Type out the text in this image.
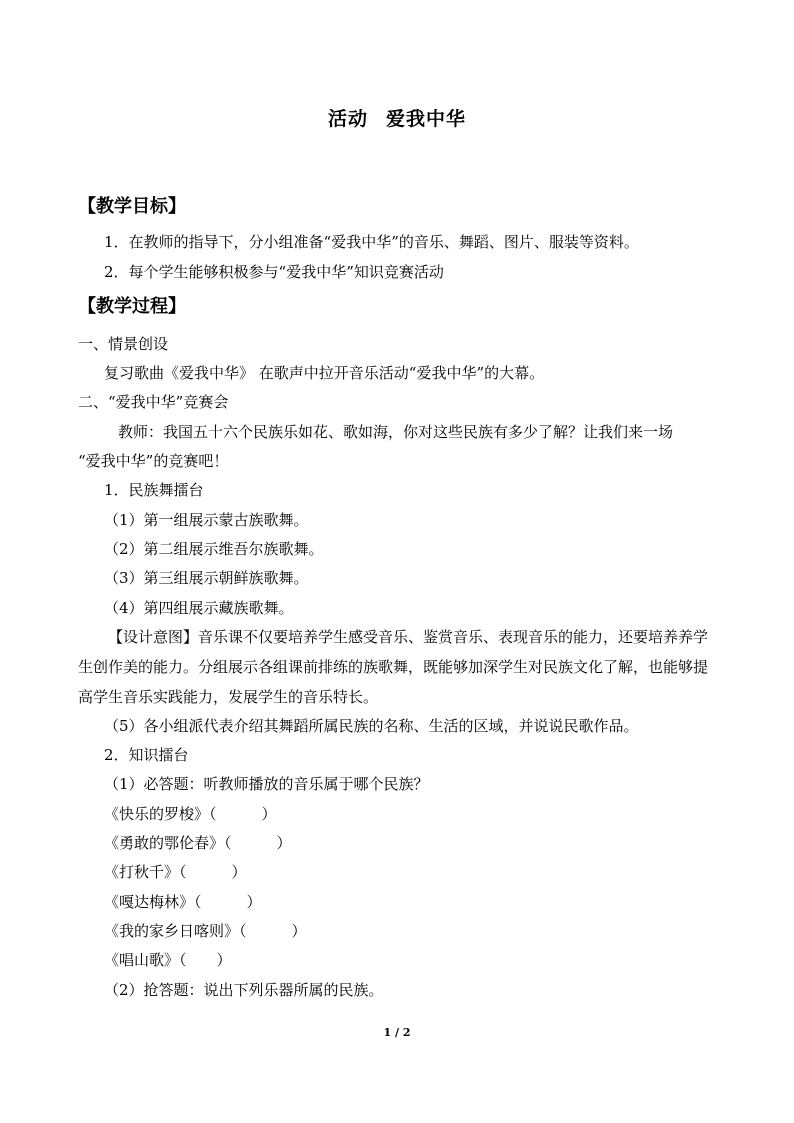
活动 爱我中华
【教学目标】
1．在教师的指导下，分小组准备“爱我中华”的音乐、舞蹈、图片、服装等资料。
2．每个学生能够积极参与“爱我中华”知识竞赛活动
【教学过程】
一、情景创设
复习歌曲《爱我中华》 在歌声中拉开音乐活动“爱我中华”的大幕。
二、“爱我中华”竞赛会
教师：我国五十六个民族乐如花、歌如海，你对这些民族有多少了解？让我们来一场
“爱我中华”的竞赛吧！
1．民族舞擂台
（1）第一组展示蒙古族歌舞。
（2）第二组展示维吾尔族歌舞。
（3）第三组展示朝鲜族歌舞。
（4）第四组展示藏族歌舞。
【设计意图】音乐课不仅要培养学生感受音乐、鉴赏音乐、表现音乐的能力，还要培养养学生创作美的能力。分组展示各组课前排练的族歌舞，既能够加深学生对民族文化了解，也能够提高学生音乐实践能力，发展学生的音乐特长。
（5）各小组派代表介绍其舞蹈所属民族的名称、生活的区域，并说说民歌作品。
2．知识擂台
（1）必答题：听教师播放的音乐属于哪个民族？
《快乐的罗梭》（　　　）
《勇敢的鄂伦春》（　　　）
《打秋千》（　　　）
《嘎达梅林》（　　　）
《我的家乡日喀则》（　　　）
《唱山歌》（　　）
（2）抢答题：说出下列乐器所属的民族。
1 / 2
